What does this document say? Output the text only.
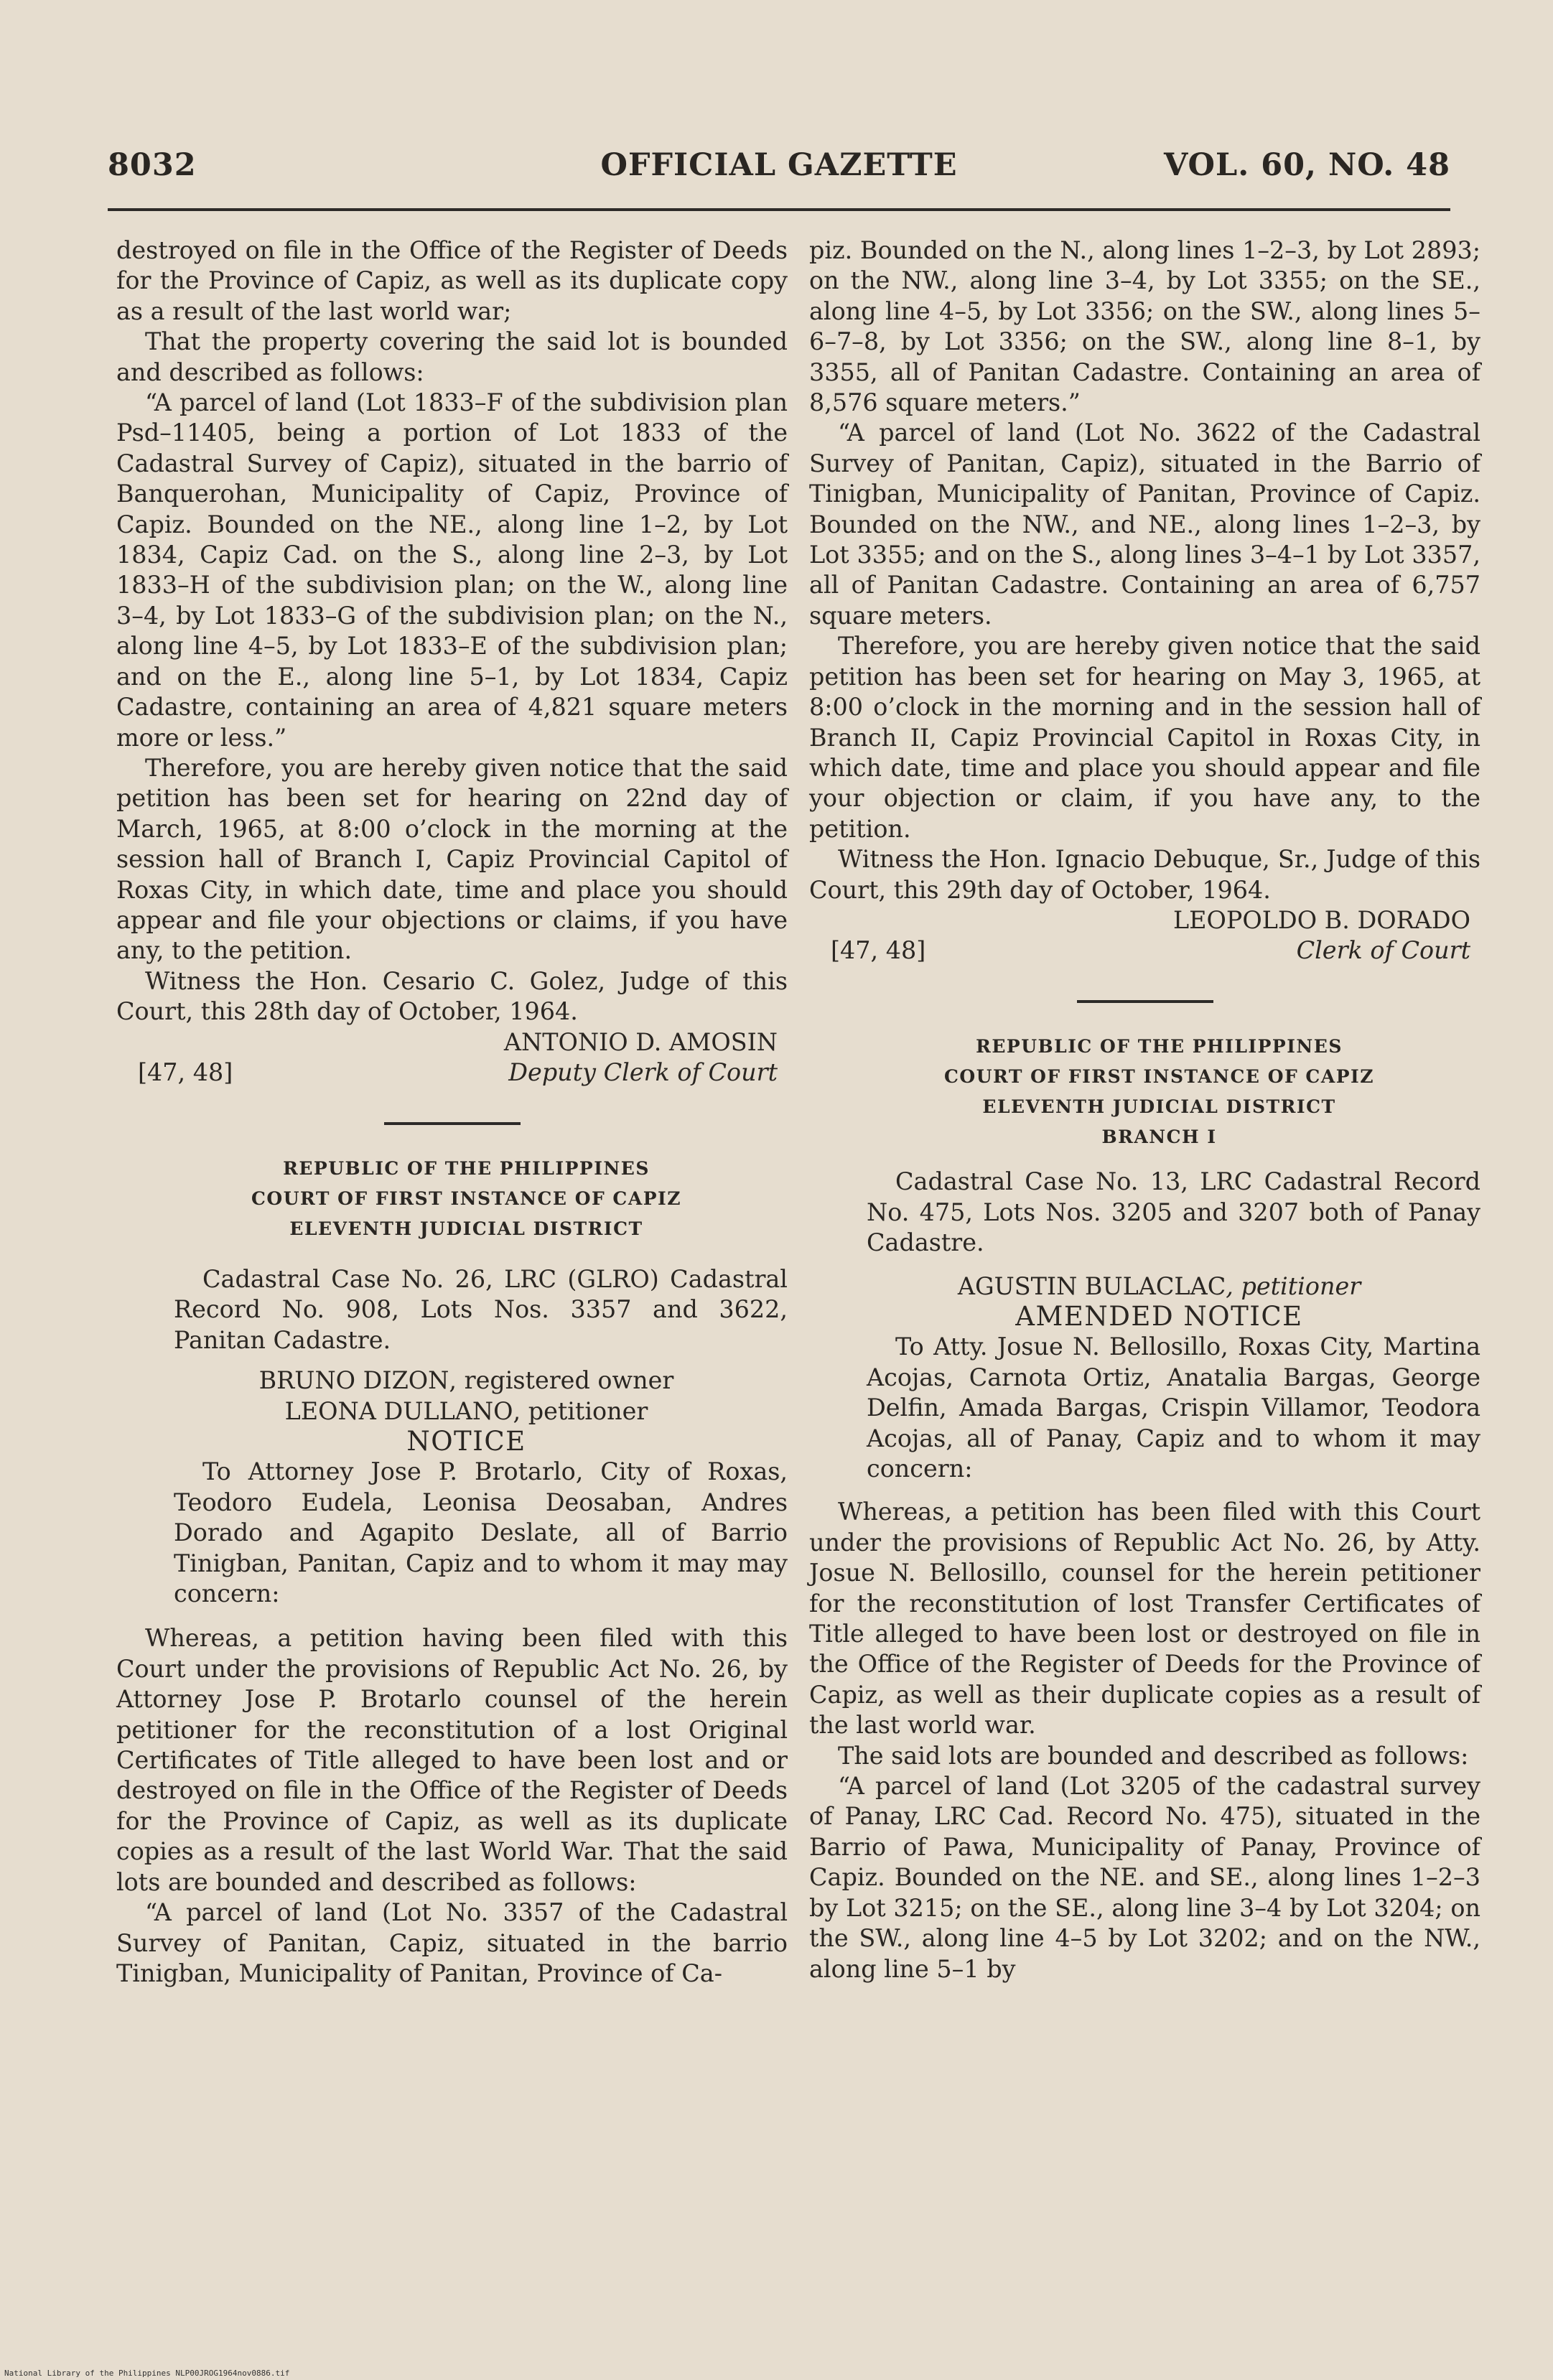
8032	OFFICIAL GAZETTE	VOL. 60, NO. 48

destroyed on file in the Office of the Register of Deeds for the Province of Capiz, as well as its duplicate copy as a result of the last world war;

That the property covering the said lot is bounded and described as follows:

“A parcel of land (Lot 1833–F of the subdivision plan Psd–11405, being a portion of Lot 1833 of the Cadastral Survey of Capiz), situated in the barrio of Banquerohan, Municipality of Capiz, Province of Capiz. Bounded on the NE., along line 1–2, by Lot 1834, Capiz Cad. on the S., along line 2–3, by Lot 1833–H of the subdivision plan; on the W., along line 3–4, by Lot 1833–G of the subdivision plan; on the N., along line 4–5, by Lot 1833–E of the subdivision plan; and on the E., along line 5–1, by Lot 1834, Capiz Cadastre, containing an area of 4,821 square meters more or less.”

Therefore, you are hereby given notice that the said petition has been set for hearing on 22nd day of March, 1965, at 8:00 o’clock in the morning at the session hall of Branch I, Capiz Provincial Capitol of Roxas City, in which date, time and place you should appear and file your objections or claims, if you have any, to the petition.

Witness the Hon. Cesario C. Golez, Judge of this Court, this 28th day of October, 1964.

ANTONIO D. AMOSIN

[47, 48]	Deputy Clerk of Court

REPUBLIC OF THE PHILIPPINES

COURT OF FIRST INSTANCE OF CAPIZ

ELEVENTH JUDICIAL DISTRICT

Cadastral Case No. 26, LRC (GLRO) Cadastral Record No. 908, Lots Nos. 3357 and 3622, Panitan Cadastre.

BRUNO DIZON, registered owner

LEONA DULLANO, petitioner

NOTICE

To Attorney Jose P. Brotarlo, City of Roxas, Teodoro Eudela, Leonisa Deosaban, Andres Dorado and Agapito Deslate, all of Barrio Tinigban, Panitan, Capiz and to whom it may may concern:

Whereas, a petition having been filed with this Court under the provisions of Republic Act No. 26, by Attorney Jose P. Brotarlo counsel of the herein petitioner for the reconstitution of a lost Original Certificates of Title alleged to have been lost and or destroyed on file in the Office of the Register of Deeds for the Province of Capiz, as well as its duplicate copies as a result of the last World War. That the said lots are bounded and described as follows:

“A parcel of land (Lot No. 3357 of the Cadastral Survey of Panitan, Capiz, situated in the barrio Tinigban, Municipality of Panitan, Province of Ca-

piz. Bounded on the N., along lines 1–2–3, by Lot 2893; on the NW., along line 3–4, by Lot 3355; on the SE., along line 4–5, by Lot 3356; on the SW., along lines 5–6–7–8, by Lot 3356; on the SW., along line 8–1, by 3355, all of Panitan Cadastre. Containing an area of 8,576 square meters.”

“A parcel of land (Lot No. 3622 of the Cadastral Survey of Panitan, Capiz), situated in the Barrio of Tinigban, Municipality of Panitan, Province of Capiz. Bounded on the NW., and NE., along lines 1–2–3, by Lot 3355; and on the S., along lines 3–4–1 by Lot 3357, all of Panitan Cadastre. Containing an area of 6,757 square meters.

Therefore, you are hereby given notice that the said petition has been set for hearing on May 3, 1965, at 8:00 o’clock in the morning and in the session hall of Branch II, Capiz Provincial Capitol in Roxas City, in which date, time and place you should appear and file your objection or claim, if you have any, to the petition.

Witness the Hon. Ignacio Debuque, Sr., Judge of this Court, this 29th day of October, 1964.

LEOPOLDO B. DORADO

[47, 48]	Clerk of Court

REPUBLIC OF THE PHILIPPINES

COURT OF FIRST INSTANCE OF CAPIZ

ELEVENTH JUDICIAL DISTRICT

BRANCH I

Cadastral Case No. 13, LRC Cadastral Record No. 475, Lots Nos. 3205 and 3207 both of Panay Cadastre.

AGUSTIN BULACLAC, petitioner

AMENDED NOTICE

To Atty. Josue N. Bellosillo, Roxas City, Martina Acojas, Carnota Ortiz, Anatalia Bargas, George Delfin, Amada Bargas, Crispin Villamor, Teodora Acojas, all of Panay, Capiz and to whom it may concern:

Whereas, a petition has been filed with this Court under the provisions of Republic Act No. 26, by Atty. Josue N. Bellosillo, counsel for the herein petitioner for the reconstitution of lost Transfer Certificates of Title alleged to have been lost or destroyed on file in the Office of the Register of Deeds for the Province of Capiz, as well as their duplicate copies as a result of the last world war.

The said lots are bounded and described as follows:

“A parcel of land (Lot 3205 of the cadastral survey of Panay, LRC Cad. Record No. 475), situated in the Barrio of Pawa, Municipality of Panay, Province of Capiz. Bounded on the NE. and SE., along lines 1–2–3 by Lot 3215; on the SE., along line 3–4 by Lot 3204; on the SW., along line 4–5 by Lot 3202; and on the NW., along line 5–1 by

National Library of the Philippines NLP00JROG1964nov0886.tif
